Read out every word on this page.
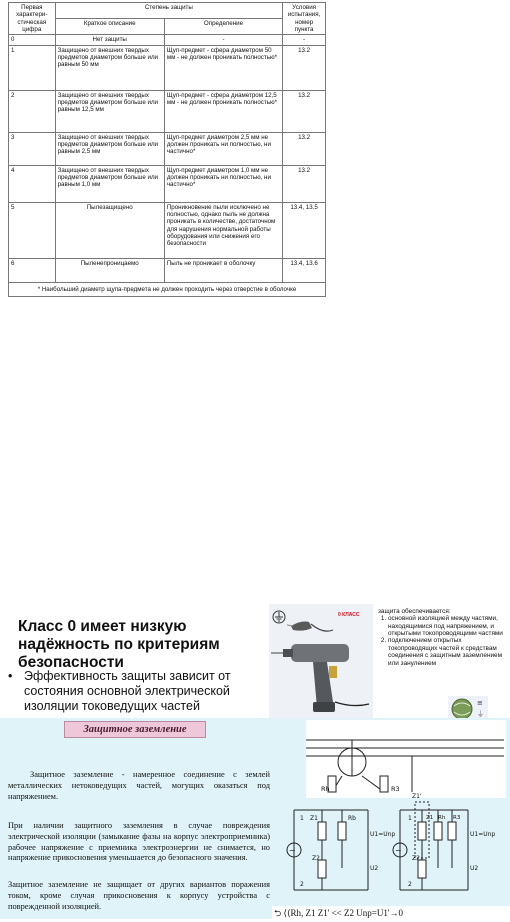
Первая характери-стическая цифра	Степень защиты		Условия испытания, номер пункта
	Краткое описание	Определение	
0	Нет защиты	-	-
1	Защищено от внешних твердых предметов диаметром больше или равным 50 мм	Щуп-предмет - сфера диаметром 50 мм - не должен проникать полностью*	13.2
2	Защищено от внешних твердых предметов диаметром больше или равным 12,5 мм	Щуп-предмет - сфера диаметром 12,5 мм - не должен проникать полностью*	13.2
3	Защищено от внешних твердых предметов диаметром больше или равным 2,5 мм	Щуп-предмет диаметром 2,5 мм не должен проникать ни полностью, ни частично*	13.2
4	Защищено от внешних твердых предметов диаметром больше или равным 1,0 мм	Щуп-предмет диаметром 1,0 мм не должен проникать ни полностью, ни частично*	13.2
5	Пылезащищено	Проникновение пыли исключено не полностью, однако пыль не должна проникать в количестве, достаточном для нарушения нормальной работы оборудования или снижения его безопасности	13.4, 13.5
6	Пыленепроницаемо	Пыль не проникает в оболочку	13.4, 13.6
* Наибольший диаметр щупа-предмета не должен проходить через отверстие в оболочке			
Класс 0 имеет низкую надёжность по критериям безопасности
• Эффективность защиты зависит от состояния основной электрической изоляции токоведущих частей
0 КЛАСС	защита обеспечивается:
1. основной изоляцией между частями, находящимися под напряжением, и открытыми токопроводящими частями
2. подключением открытых токопроводящих частей к средствам соединения с защитным заземлением или занулением
≡
⏚
Защитное заземление
Защитное заземление - намеренное соединение с землей металлических нетоковедущих частей, могущих оказаться под напряжением.
При наличии защитного заземления в случае повреждения электрической изоляции (замыкание фазы на корпус электроприемника) рабочее напряжение с приемника электроэнергии не снимается, но напряжение прикосновения уменьшается до безопасного значения.
Защитное заземление не защищает от других вариантов поражения током, кроме случая прикосновения к корпусу устройства с поврежденной изоляцией.
Rh	R3
~
1
2
Z1	Rb
Z2
U1=Unp
U2
~
Z1'
1
2
Z1 Rh R3
Z2
U1=Unp
U2
⮌ ⟨⟨Rh, Z1 Z1' << Z2 Unp=U1'→0
